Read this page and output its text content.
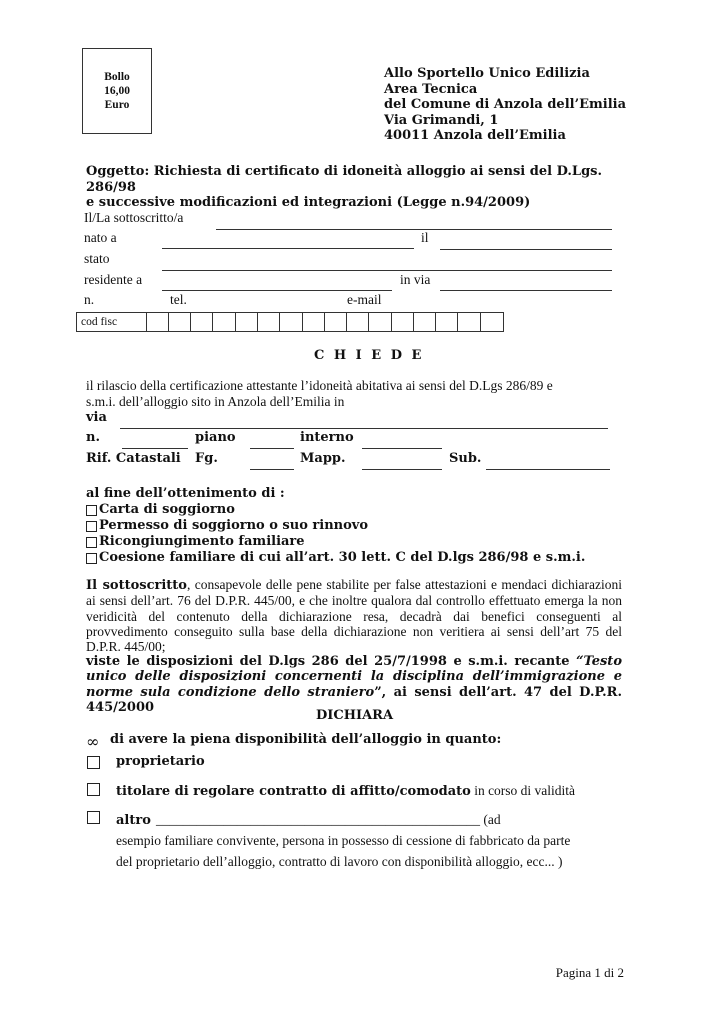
Bollo
16,00
Euro
Allo Sportello Unico Edilizia
Area Tecnica
del Comune di Anzola dell’Emilia
Via Grimandi, 1
40011 Anzola dell’Emilia
Oggetto: Richiesta di certificato di idoneità alloggio ai sensi del D.Lgs. 286/98
e successive modificazioni ed integrazioni (Legge n.94/2009)
Il/La sottoscritto/a
nato a	il
stato
residente a	in via
n.	tel.	e-mail
cod fisc
C H I E D E
il rilascio della certificazione attestante l’idoneità abitativa ai sensi del D.Lgs 286/89 e
s.m.i. dell’alloggio sito in Anzola dell’Emilia in
via
n.	piano	interno
Rif. Catastali Fg.	Mapp.	Sub.
al fine dell’ottenimento di :
Carta di soggiorno
Permesso di soggiorno o suo rinnovo
Ricongiungimento familiare
Coesione familiare di cui all’art. 30 lett. C del D.lgs 286/98 e s.m.i.
Il sottoscritto, consapevole delle pene stabilite per false attestazioni e mendaci dichiarazioni ai sensi dell’art. 76 del D.P.R. 445/00, e che inoltre qualora dal controllo effettuato emerga la non veridicità del contenuto della dichiarazione resa, decadrà dai benefici conseguenti al provvedimento conseguito sulla base della dichiarazione non veritiera ai sensi dell’art 75 del D.P.R. 445/00;
viste le disposizioni del D.lgs 286 del 25/7/1998 e s.m.i. recante “Testo unico delle disposizioni concernenti la disciplina dell’immigrazione e norme sula condizione dello straniero”, ai sensi dell’art. 47 del D.P.R. 445/2000
DICHIARA
∞ di avere la piena disponibilità dell’alloggio in quanto:
proprietario
titolare di regolare contratto di affitto/comodato in corso di validità
altro ________________________________________________ (ad
esempio familiare convivente, persona in possesso di cessione di fabbricato da parte
del proprietario dell’alloggio, contratto di lavoro con disponibilità alloggio, ecc... )
Pagina 1 di 2
